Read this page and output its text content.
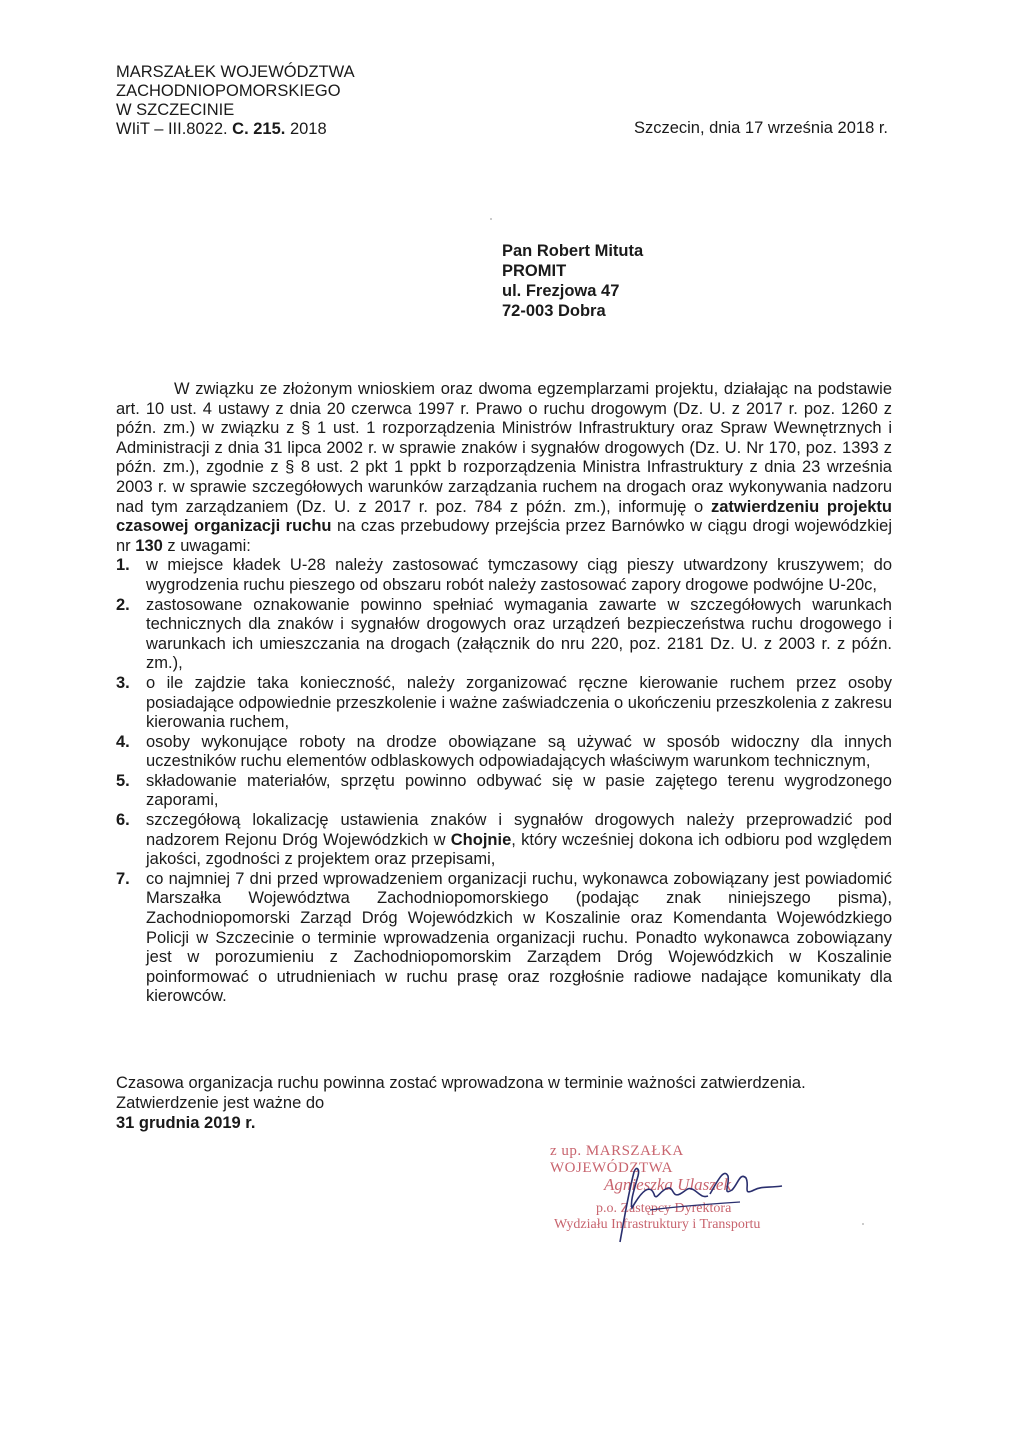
MARSZAŁEK WOJEWÓDZTWA
ZACHODNIOPOMORSKIEGO
W SZCZECINIE
WIiT – III.8022. C. 215. 2018	Szczecin, dnia 17 września 2018 r.
Pan Robert Mituta
PROMIT
ul. Frezjowa 47
72-003 Dobra

W związku ze złożonym wnioskiem oraz dwoma egzemplarzami projektu, działając na podstawie art. 10 ust. 4 ustawy z dnia 20 czerwca 1997 r. Prawo o ruchu drogowym (Dz. U. z 2017 r. poz. 1260 z późn. zm.) w związku z § 1 ust. 1 rozporządzenia Ministrów Infrastruktury oraz Spraw Wewnętrznych i Administracji z dnia 31 lipca 2002 r. w sprawie znaków i sygnałów drogowych (Dz. U. Nr 170, poz. 1393 z późn. zm.), zgodnie z § 8 ust. 2 pkt 1 ppkt b rozporządzenia Ministra Infrastruktury z dnia 23 września 2003 r. w sprawie szczegółowych warunków zarządzania ruchem na drogach oraz wykonywania nadzoru nad tym zarządzaniem (Dz. U. z 2017 r. poz. 784 z późn. zm.), informuję o zatwierdzeniu projektu czasowej organizacji ruchu na czas przebudowy przejścia przez Barnówko w ciągu drogi wojewódzkiej nr 130 z uwagami:

1. w miejsce kładek U-28 należy zastosować tymczasowy ciąg pieszy utwardzony kruszywem; do wygrodzenia ruchu pieszego od obszaru robót należy zastosować zapory drogowe podwójne U-20c,
2. zastosowane oznakowanie powinno spełniać wymagania zawarte w szczegółowych warunkach technicznych dla znaków i sygnałów drogowych oraz urządzeń bezpieczeństwa ruchu drogowego i warunkach ich umieszczania na drogach (załącznik do nru 220, poz. 2181 Dz. U. z 2003 r. z późn. zm.),
3. o ile zajdzie taka konieczność, należy zorganizować ręczne kierowanie ruchem przez osoby posiadające odpowiednie przeszkolenie i ważne zaświadczenia o ukończeniu przeszkolenia z zakresu kierowania ruchem,
4. osoby wykonujące roboty na drodze obowiązane są używać w sposób widoczny dla innych uczestników ruchu elementów odblaskowych odpowiadających właściwym warunkom technicznym,
5. składowanie materiałów, sprzętu powinno odbywać się w pasie zajętego terenu wygrodzonego zaporami,
6. szczegółową lokalizację ustawienia znaków i sygnałów drogowych należy przeprowadzić pod nadzorem Rejonu Dróg Wojewódzkich w Chojnie, który wcześniej dokona ich odbioru pod względem jakości, zgodności z projektem oraz przepisami,
7. co najmniej 7 dni przed wprowadzeniem organizacji ruchu, wykonawca zobowiązany jest powiadomić Marszałka Województwa Zachodniopomorskiego (podając znak niniejszego pisma), Zachodniopomorski Zarząd Dróg Wojewódzkich w Koszalinie oraz Komendanta Wojewódzkiego Policji w Szczecinie o terminie wprowadzenia organizacji ruchu. Ponadto wykonawca zobowiązany jest w porozumieniu z Zachodniopomorskim Zarządem Dróg Wojewódzkich w Koszalinie poinformować o utrudnieniach w ruchu prasę oraz rozgłośnie radiowe nadające komunikaty dla kierowców.
Czasowa organizacja ruchu powinna zostać wprowadzona w terminie ważności zatwierdzenia.
Zatwierdzenie jest ważne do
31 grudnia 2019 r.
z up. MARSZAŁKA WOJEWÓDZTWA
Agnieszka Ulaszek
p.o. Zastępcy Dyrektora
Wydziału Infrastruktury i Transportu
